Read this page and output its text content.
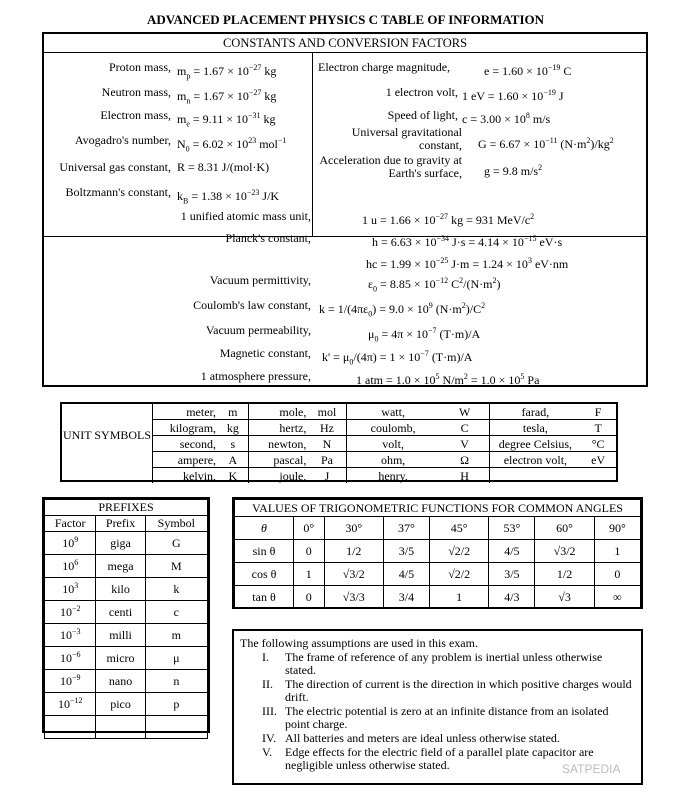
ADVANCED PLACEMENT PHYSICS C TABLE OF INFORMATION
CONSTANTS AND CONVERSION FACTORS
Proton mass, $m_p = 1.67 \times 10^{-27}$ kg
Neutron mass, $m_n = 1.67 \times 10^{-27}$ kg
Electron mass, $m_e = 9.11 \times 10^{-31}$ kg
Avogadro's number, $N_0 = 6.02 \times 10^{23}$ mol$^{-1}$
Universal gas constant, R = 8.31 J/(mol·K)
Boltzmann's constant, $k_B = 1.38 \times 10^{-23}$ J/K
Electron charge magnitude,	$e = 1.60 \times 10^{-19}$ C
1 electron volt, 1 eV = $1.60 \times 10^{-19}$ J
Speed of light, $c = 3.00 \times 10^8$ m/s
Universal gravitational constant, $G = 6.67 \times 10^{-11}$ $(N\cdot m^2)/kg^2$
Acceleration due to gravity at Earth's surface, g = 9.8 $m/s^2$
1 unified atomic mass unit,	1 $u = 1.66 \times 10^{-27}$ kg = 931 MeV/$c^2$
Planck's constant,	$h = 6.63 \times 10^{-34}$ $J\cdot s = 4.14 \times 10^{-15}$ eV·s
hc = $1.99 \times 10^{-25}$ $J\cdot m = 1.24 \times 10^3$ eV·nm
Vacuum permittivity,	$\varepsilon_0 = 8.85 \times 10^{-12}$ $C^2/(N\cdot m^2)$
Coulomb's law constant, $k = 1/(4\pi\varepsilon_0) = 9.0 \times 10^9$ $(N\cdot m^2)/C^2$
Vacuum permeability,	$\mu_0 = 4\pi \times 10^{-7}$ (T·m)/A
Magnetic constant, $k' = \mu_0/(4\pi) = 1 \times 10^{-7}$ (T·m)/A
1 atmosphere pressure,	1 atm = $1.0 \times 10^5$ $N/m^2 = 1.0 \times 10^5$ Pa
UNIT SYMBOLS
meter,	m	mole,	mol	watt,	W	farad,	F
kilogram,	kg	hertz,	Hz	coulomb,	C	tesla,	T
second,	s	newton,	N	volt,	V	degree Celsius,	°C
ampere,	A	pascal,	Pa	ohm,	Ω	electron volt,	eV
kelvin,	K	joule,	J	henry,	H		
PREFIXES		
Factor	Prefix	Symbol
$10^9$	giga	G
$10^6$	mega	M
$10^3$	kilo	k
$10^{-2}$	centi	c
$10^{-3}$	milli	m
$10^{-6}$	micro	μ
$10^{-9}$	nano	n
$10^{-12}$	pico	p

VALUES OF TRIGONOMETRIC FUNCTIONS FOR COMMON ANGLES							
θ	0°	30°	37°	45°	53°	60°	90°
sin θ	0	1/2	3/5	√2/2	4/5	√3/2	1
cos θ	1	√3/2	4/5	√2/2	3/5	1/2	0
tan θ	0	√3/3	3/4	1	4/3	√3	∞
The following assumptions are used in this exam.
I. The frame of reference of any problem is inertial unless otherwise stated.
II. The direction of current is the direction in which positive charges would drift.
III. The electric potential is zero at an infinite distance from an isolated point charge.
IV. All batteries and meters are ideal unless otherwise stated.
V. Edge effects for the electric field of a parallel plate capacitor are negligible unless otherwise stated.	SATPEDIA
